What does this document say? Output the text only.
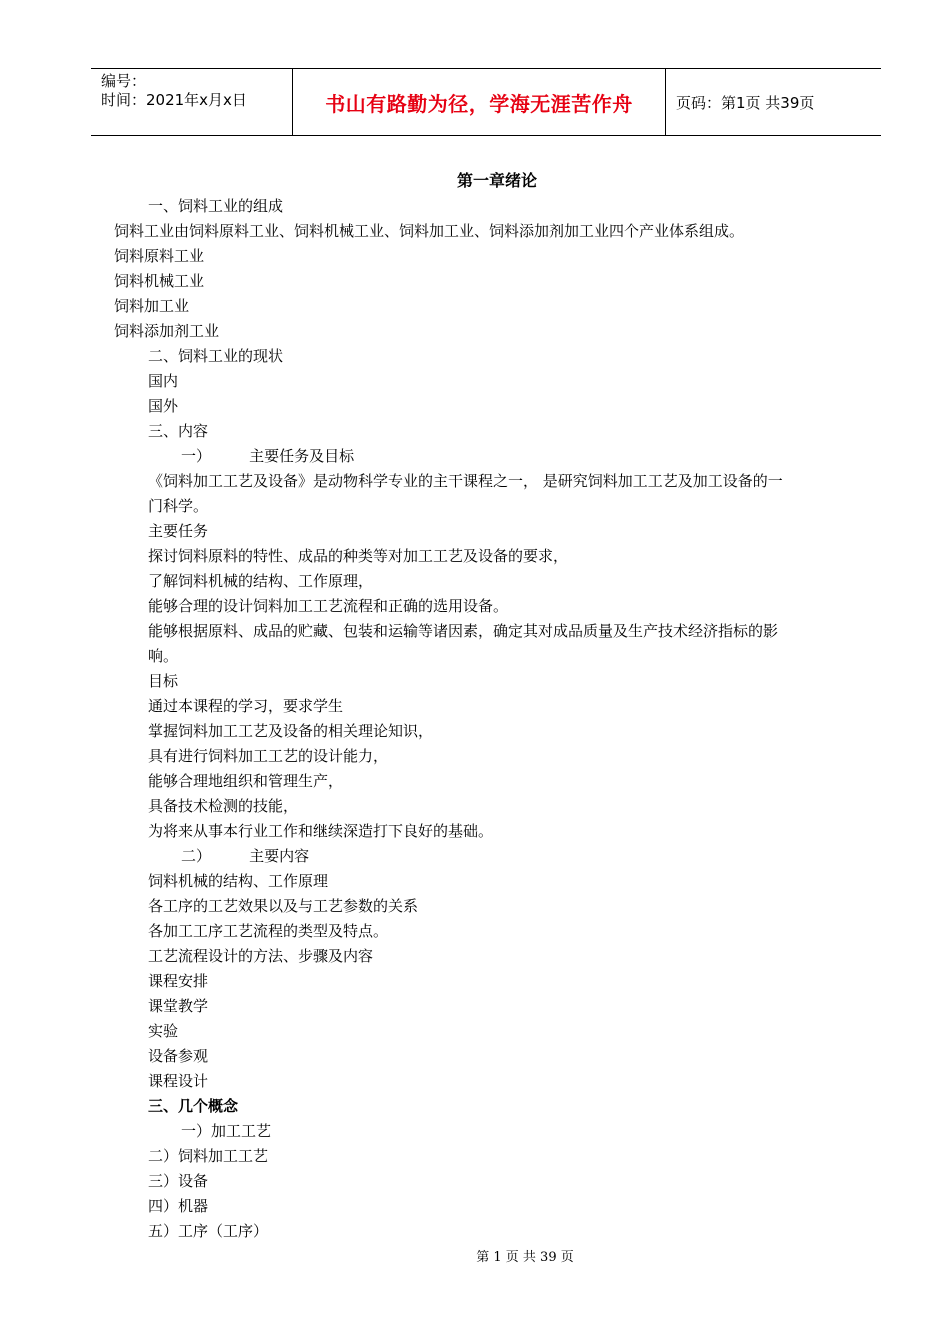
编号：
时间：2021年x月x日	书山有路勤为径，学海无涯苦作舟	页码：第1页 共39页
第一章绪论
一、饲料工业的组成
饲料工业由饲料原料工业、饲料机械工业、饲料加工业、饲料添加剂加工业四个产业体系组成。
饲料原料工业
饲料机械工业
饲料加工业
饲料添加剂工业
二、饲料工业的现状
国内
国外
三、内容
一）        主要任务及目标
《饲料加工工艺及设备》是动物科学专业的主干课程之一， 是研究饲料加工工艺及加工设备的一
门科学。
主要任务
探讨饲料原料的特性、成品的种类等对加工工艺及设备的要求，
了解饲料机械的结构、工作原理，
能够合理的设计饲料加工工艺流程和正确的选用设备。
能够根据原料、成品的贮藏、包装和运输等诸因素，确定其对成品质量及生产技术经济指标的影
响。
目标
通过本课程的学习，要求学生
掌握饲料加工工艺及设备的相关理论知识，
具有进行饲料加工工艺的设计能力，
能够合理地组织和管理生产，
具备技术检测的技能，
为将来从事本行业工作和继续深造打下良好的基础。
二）        主要内容
饲料机械的结构、工作原理
各工序的工艺效果以及与工艺参数的关系
各加工工序工艺流程的类型及特点。
工艺流程设计的方法、步骤及内容
课程安排
课堂教学
实验
设备参观
课程设计
三、几个概念
一）加工工艺
二）饲料加工工艺
三）设备
四）机器
五）工序（工序）
第 1 页 共 39 页
